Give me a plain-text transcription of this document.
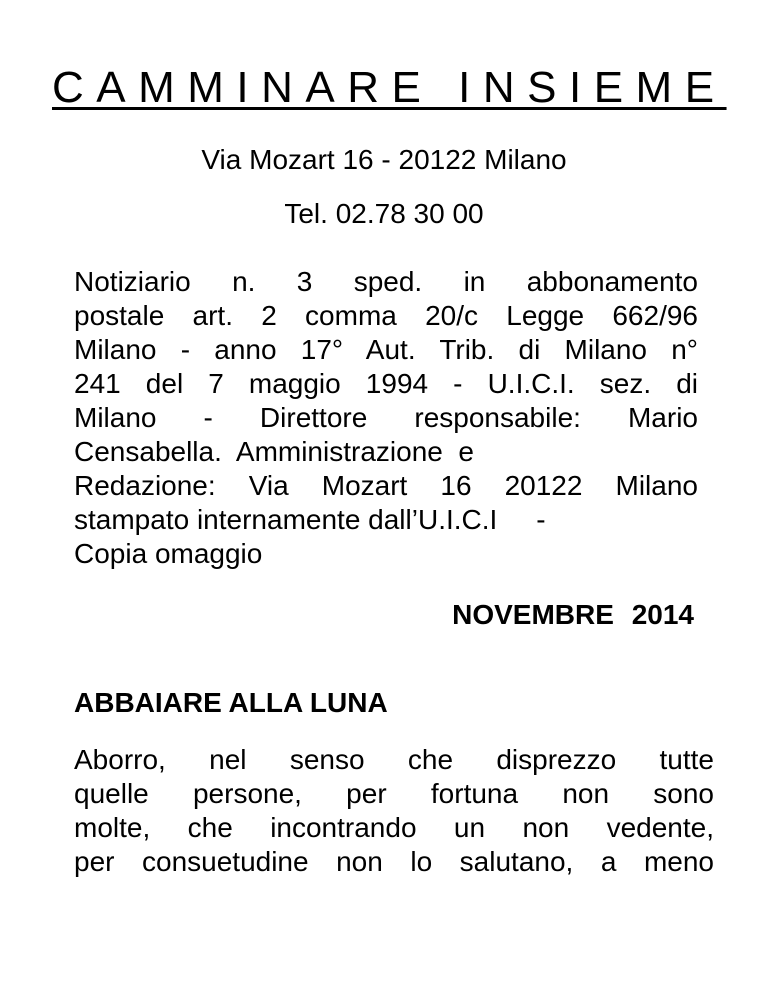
CAMMINARE INSIEME
Via Mozart 16 - 20122 Milano
Tel. 02.78 30 00
Notiziario n. 3 sped. in abbonamento
postale art. 2 comma 20/c Legge 662/96
Milano - anno 17° Aut. Trib. di Milano n°
241 del 7 maggio 1994 - U.I.C.I. sez. di
Milano - Direttore responsabile: Mario
Censabella.  Amministrazione  e
Redazione: Via Mozart 16 20122 Milano
stampato internamente dall’U.I.C.I     -
Copia omaggio
NOVEMBRE 2014
ABBAIARE ALLA LUNA
Aborro, nel senso che disprezzo tutte
quelle persone, per fortuna non sono
molte, che incontrando un non vedente,
per consuetudine non lo salutano, a meno
